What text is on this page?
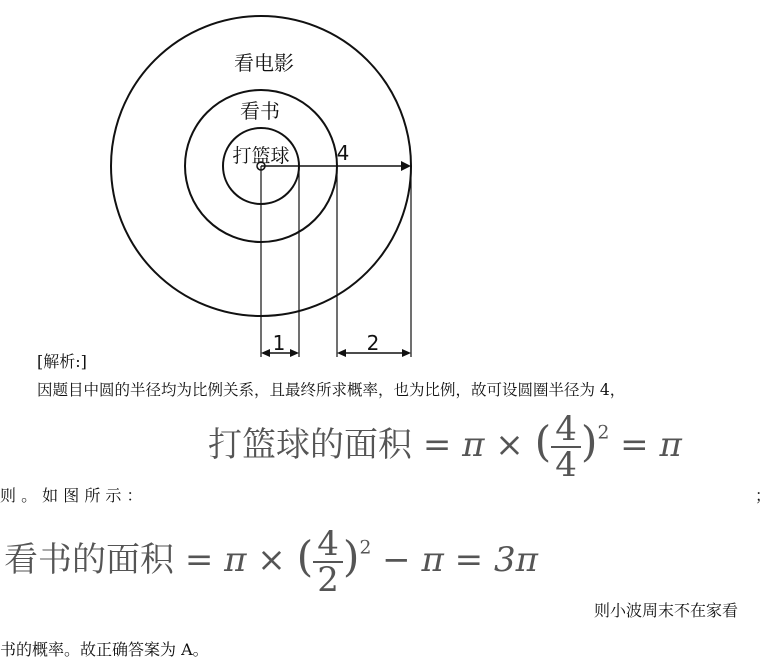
看电影
看书
打篮球 4
1	2
[解析:]
因题目中圆的半径均为比例关系，且最终所求概率，也为比例，故可设圆圈半径为 4，
则 。 如 图 所 示 ：
打篮球的面积 = π × ( $\frac{4}{4} )^2 = \pi$
；
看书的面积 = π × ( $\frac{4}{2} )^2 - \pi = 3\pi$
则小波周末不在家看
书的概率。故正确答案为 A。
